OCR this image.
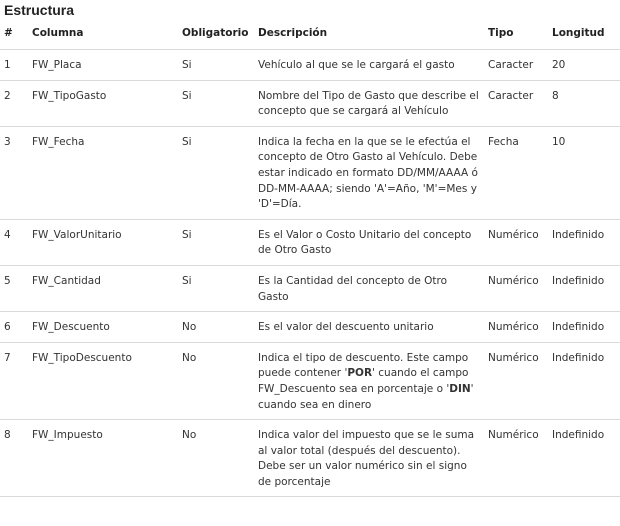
Estructura
#	Columna	Obligatorio	Descripción	Tipo	Longitud
1	FW_Placa	Si	Vehículo al que se le cargará el gasto	Caracter	20
2	FW_TipoGasto	Si	Nombre del Tipo de Gasto que describe el concepto que se cargará al Vehículo	Caracter	8
3	FW_Fecha	Si	Indica la fecha en la que se le efectúa el concepto de Otro Gasto al Vehículo. Debe estar indicado en formato DD/MM/AAAA ó DD-MM-AAAA; siendo 'A'=Año, 'M'=Mes y 'D'=Día.	Fecha	10
4	FW_ValorUnitario	Si	Es el Valor o Costo Unitario del concepto de Otro Gasto	Numérico	Indefinido
5	FW_Cantidad	Si	Es la Cantidad del concepto de Otro Gasto	Numérico	Indefinido
6	FW_Descuento	No	Es el valor del descuento unitario	Numérico	Indefinido
7	FW_TipoDescuento	No	Indica el tipo de descuento. Este campo puede contener 'POR' cuando el campo FW_Descuento sea en porcentaje o 'DIN' cuando sea en dinero	Numérico	Indefinido
8	FW_Impuesto	No	Indica valor del impuesto que se le suma al valor total (después del descuento). Debe ser un valor numérico sin el signo de porcentaje	Numérico	Indefinido
